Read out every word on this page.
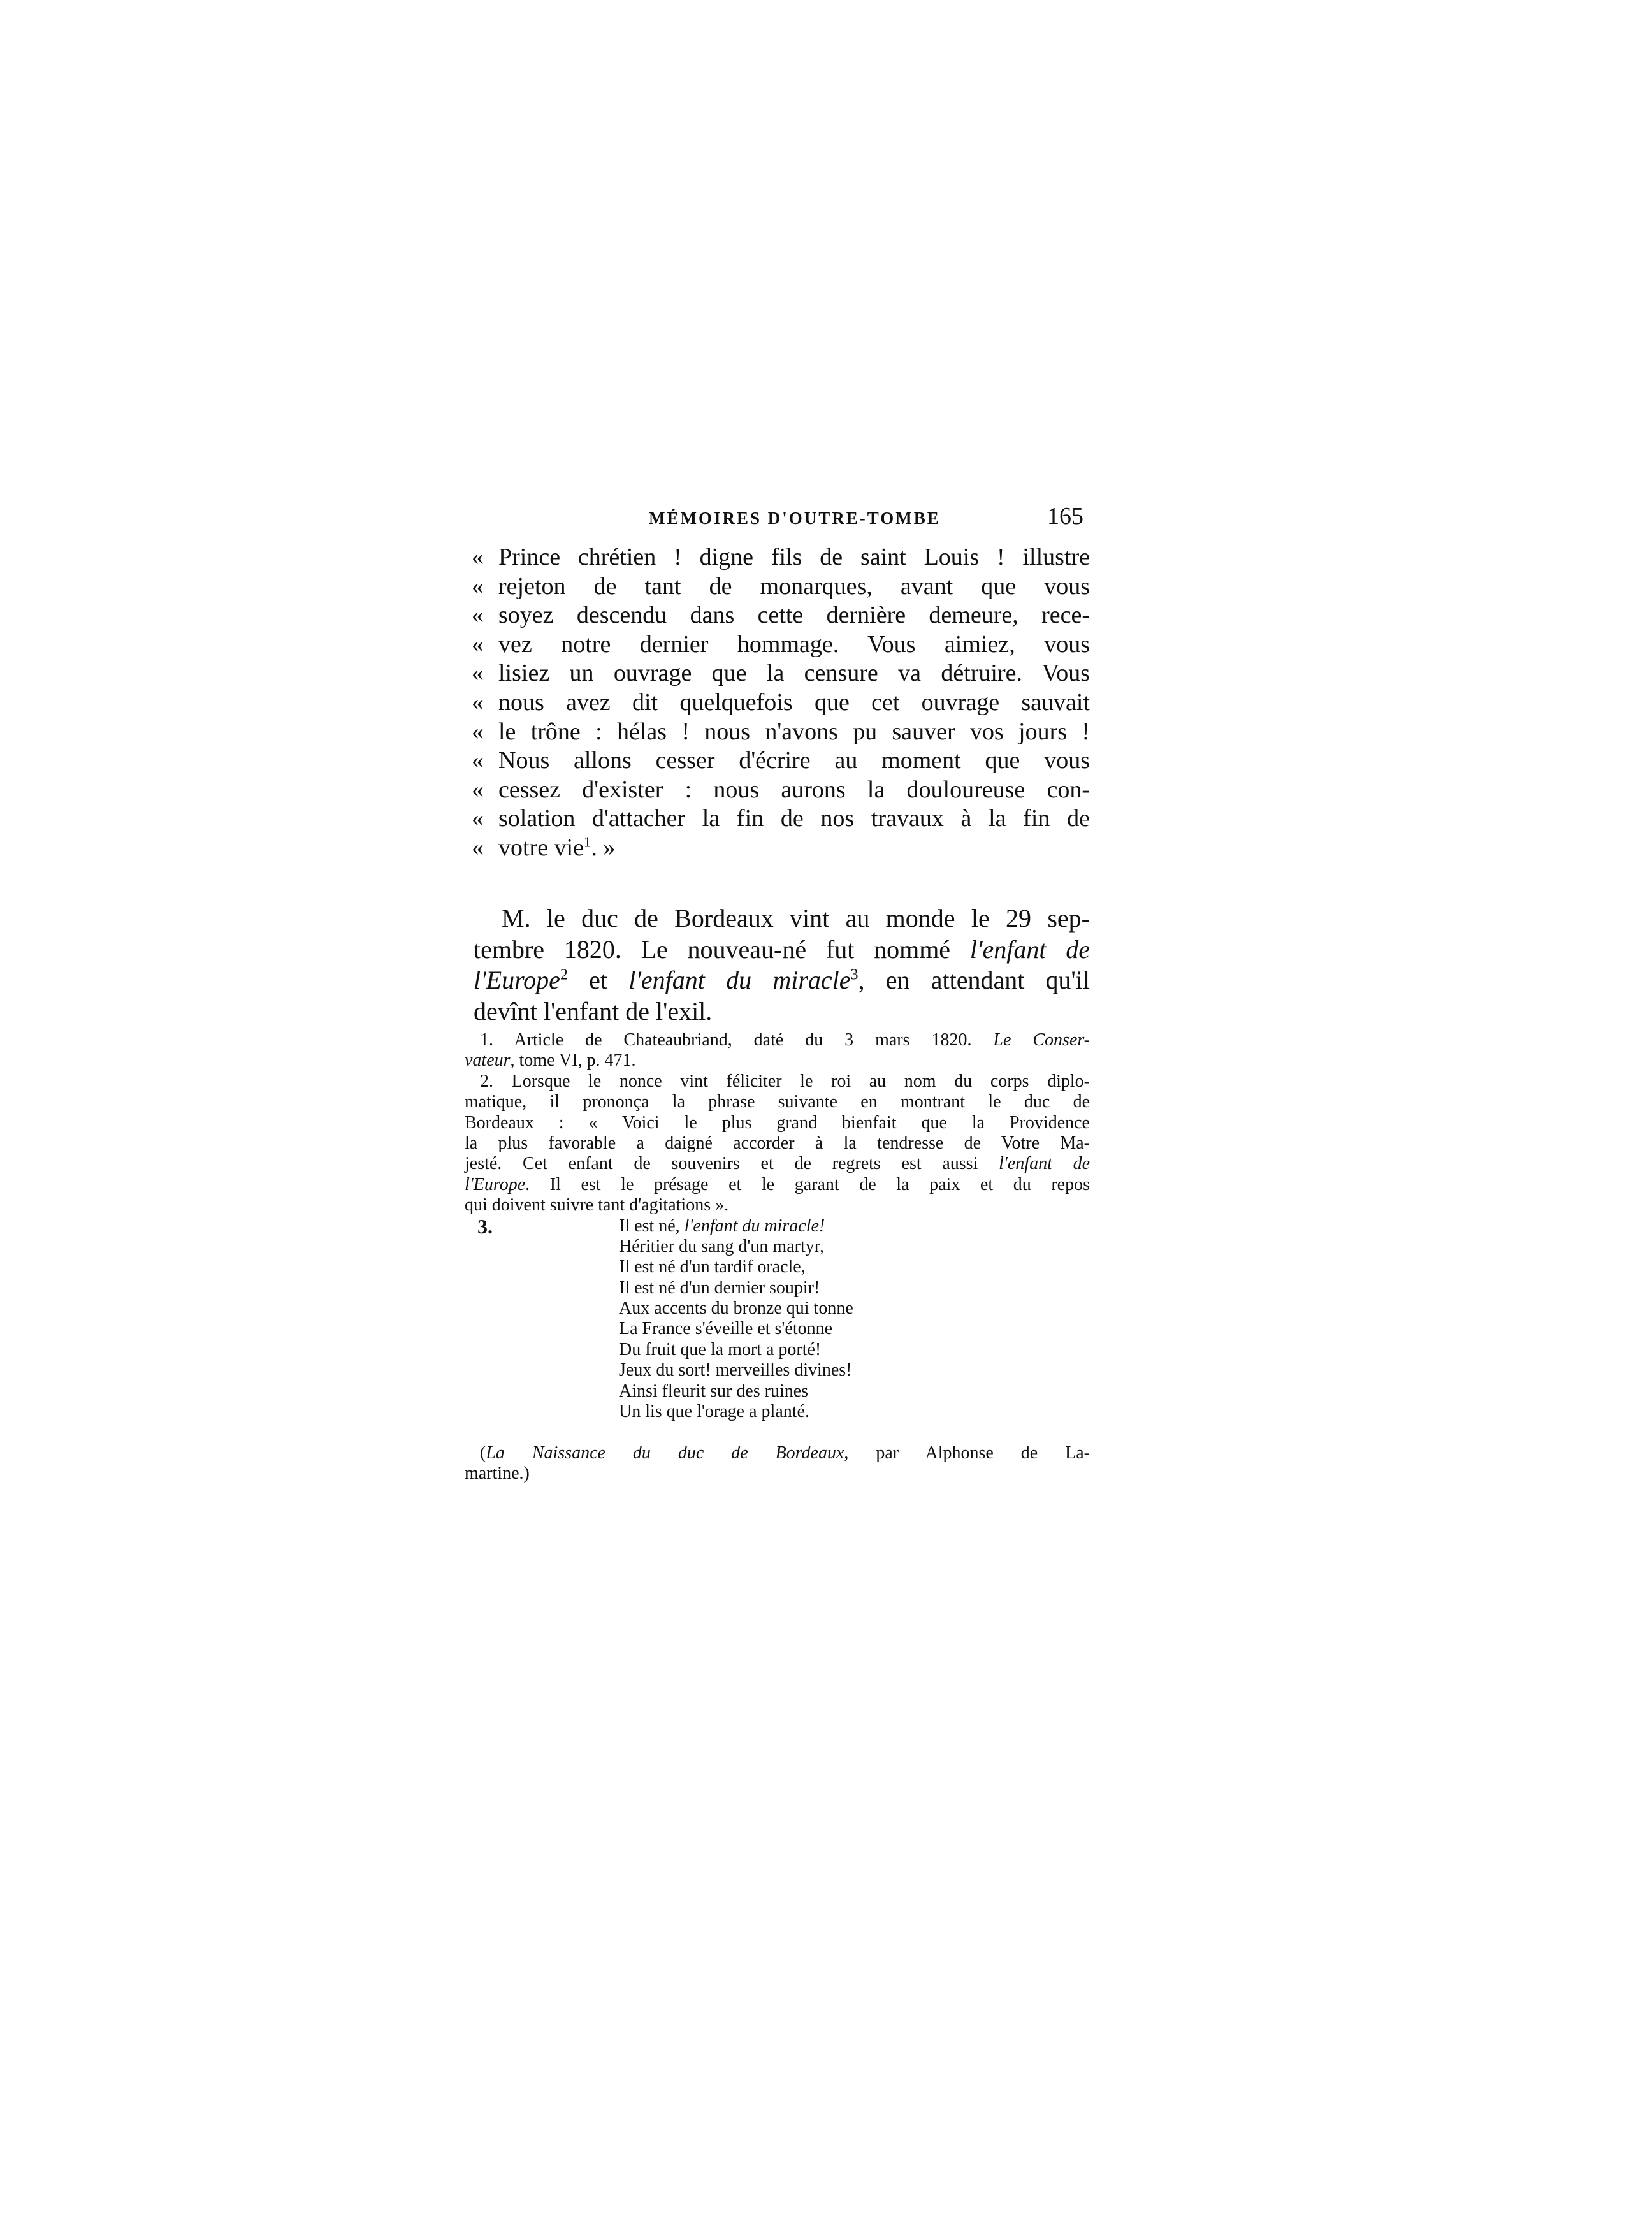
MÉMOIRES D'OUTRE-TOMBE	165
« Prince chrétien ! digne fils de saint Louis ! illustre
« rejeton de tant de monarques, avant que vous
« soyez descendu dans cette dernière demeure, rece-
« vez notre dernier hommage. Vous aimiez, vous
« lisiez un ouvrage que la censure va détruire. Vous
« nous avez dit quelquefois que cet ouvrage sauvait
« le trône : hélas ! nous n'avons pu sauver vos jours !
« Nous allons cesser d'écrire au moment que vous
« cessez d'exister : nous aurons la douloureuse con-
« solation d'attacher la fin de nos travaux à la fin de
« votre vie$^1$. »
M. le duc de Bordeaux vint au monde le 29 sep-
tembre 1820. Le nouveau-né fut nommé l'enfant de
l'Europe$^2$ et l'enfant du miracle$^3$, en attendant qu'il
devînt l'enfant de l'exil.
1. Article de Chateaubriand, daté du 3 mars 1820. Le Conser-
vateur, tome VI, p. 471.
2. Lorsque le nonce vint féliciter le roi au nom du corps diplo-
matique, il prononça la phrase suivante en montrant le duc de
Bordeaux : « Voici le plus grand bienfait que la Providence
la plus favorable a daigné accorder à la tendresse de Votre Ma-
jesté. Cet enfant de souvenirs et de regrets est aussi l'enfant de
l'Europe. Il est le présage et le garant de la paix et du repos
qui doivent suivre tant d'agitations ».
3.	Il est né, l'enfant du miracle!
Héritier du sang d'un martyr,
Il est né d'un tardif oracle,
Il est né d'un dernier soupir!
Aux accents du bronze qui tonne
La France s'éveille et s'étonne
Du fruit que la mort a porté!
Jeux du sort! merveilles divines!
Ainsi fleurit sur des ruines
Un lis que l'orage a planté.
(La Naissance du duc de Bordeaux, par Alphonse de La-
martine.)
